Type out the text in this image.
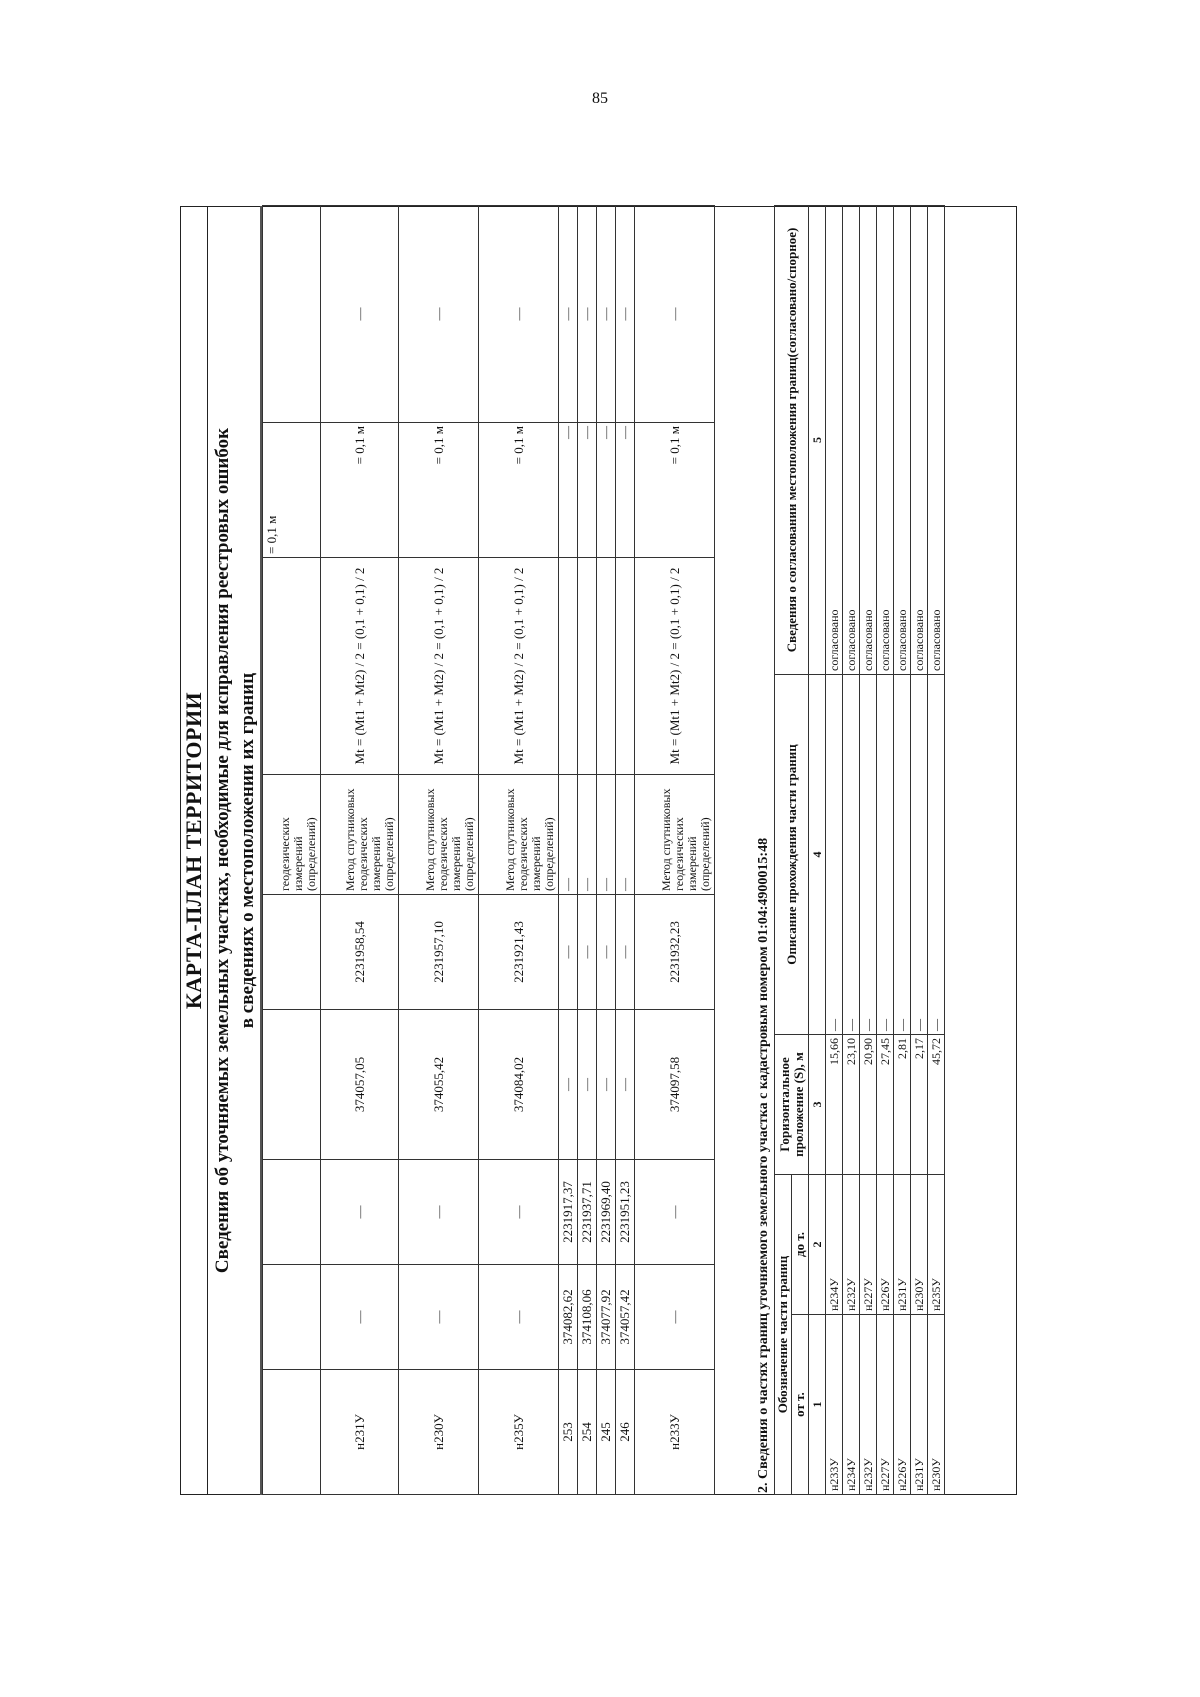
85
КАРТА-ПЛАН ТЕРРИТОРИИ Сведения об уточняемых земельных участках, необходимые для исправления реестровых ошибок в сведениях о местоположении их границ

					геодезических измерений (определений)		= 0,1 м	
н231У	—	—	374057,05	2231958,54	Метод спутниковых геодезических измерений (определений)	Mt = (Mt1 + Mt2) / 2 = (0,1 + 0,1) / 2	= 0,1 м	—
н230У	—	—	374055,42	2231957,10	Метод спутниковых геодезических измерений (определений)	Mt = (Mt1 + Mt2) / 2 = (0,1 + 0,1) / 2	= 0,1 м	—
н235У	—	—	374084,02	2231921,43	Метод спутниковых геодезических измерений (определений)	Mt = (Mt1 + Mt2) / 2 = (0,1 + 0,1) / 2	= 0,1 м	—
253	374082,62	2231917,37	—	—	—		—	—
254	374108,06	2231937,71	—	—	—		—	—
245	374077,92	2231969,40	—	—	—		—	—
246	374057,42	2231951,23	—	—	—		—	—
н233У	—	—	374097,58	2231932,23	Метод спутниковых геодезических измерений (определений)	Mt = (Mt1 + Mt2) / 2 = (0,1 + 0,1) / 2	= 0,1 м	—
2. Сведения о частях границ уточняемого земельного участка с кадастровым номером 01:04:4900015:48 Обозначение части границ		Горизонтальное проложение (S), м	Описание прохождения части границ	Сведения о согласовании местоположения границ(согласовано/спорное)
от т.	до т.			
1	2	3	4	5
н233У	н234У	15,66	—	согласовано
н234У	н232У	23,10	—	согласовано
н232У	н227У	20,90	—	согласовано
н227У	н226У	27,45	—	согласовано
н226У	н231У	2,81	—	согласовано
н231У	н230У	2,17	—	согласовано
н230У	н235У	45,72	—	согласовано
